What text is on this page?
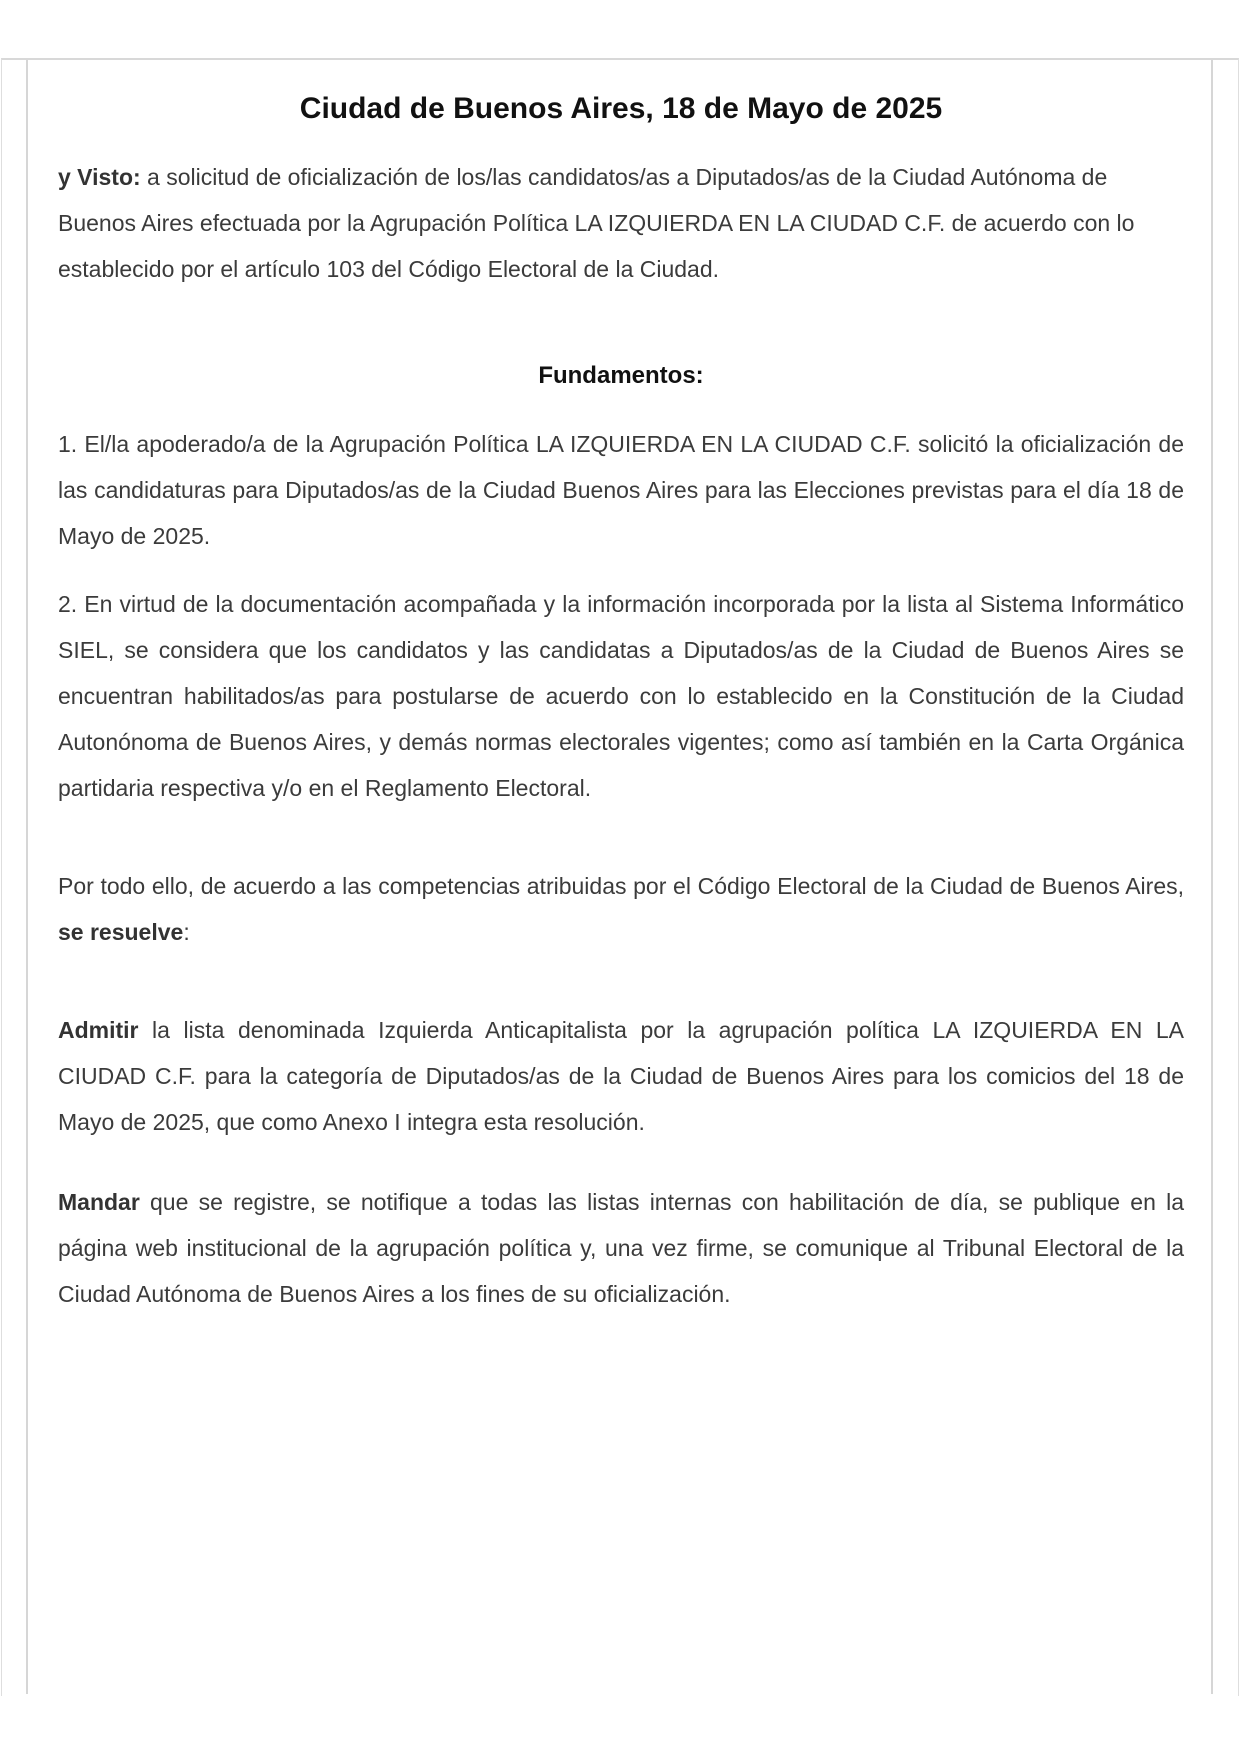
Ciudad de Buenos Aires, 18 de Mayo de 2025

y Visto: a solicitud de oficialización de los/las candidatos/as a Diputados/as de la Ciudad Autónoma de Buenos Aires efectuada por la Agrupación Política LA IZQUIERDA EN LA CIUDAD C.F. de acuerdo con lo establecido por el artículo 103 del Código Electoral de la Ciudad.

Fundamentos:

1. El/la apoderado/a de la Agrupación Política LA IZQUIERDA EN LA CIUDAD C.F. solicitó la oficialización de las candidaturas para Diputados/as de la Ciudad Buenos Aires para las Elecciones previstas para el día 18 de Mayo de 2025.

2. En virtud de la documentación acompañada y la información incorporada por la lista al Sistema Informático SIEL, se considera que los candidatos y las candidatas a Diputados/as de la Ciudad de Buenos Aires se encuentran habilitados/as para postularse de acuerdo con lo establecido en la Constitución de la Ciudad Autonónoma de Buenos Aires, y demás normas electorales vigentes; como así también en la Carta Orgánica partidaria respectiva y/o en el Reglamento Electoral.

Por todo ello, de acuerdo a las competencias atribuidas por el Código Electoral de la Ciudad de Buenos Aires, se resuelve:

Admitir la lista denominada Izquierda Anticapitalista por la agrupación política LA IZQUIERDA EN LA CIUDAD C.F. para la categoría de Diputados/as de la Ciudad de Buenos Aires para los comicios del 18 de Mayo de 2025, que como Anexo I integra esta resolución.

Mandar que se registre, se notifique a todas las listas internas con habilitación de día, se publique en la página web institucional de la agrupación política y, una vez firme, se comunique al Tribunal Electoral de la Ciudad Autónoma de Buenos Aires a los fines de su oficialización.
